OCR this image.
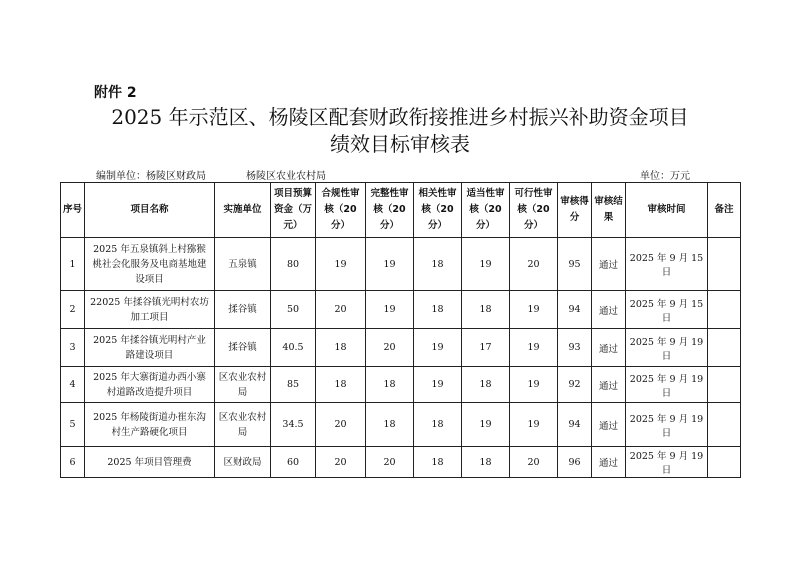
附件 2
2025 年示范区、杨陵区配套财政衔接推进乡村振兴补助资金项目
绩效目标审核表
编制单位：杨陵区财政局	杨陵区农业农村局	单位：万元
序号	项目名称	实施单位	项目预算资金（万元）	合规性审核（20 分）	完整性审核（20 分）	相关性审核（20 分）	适当性审核（20 分）	可行性审核（20 分）	审核得分	审核结果	审核时间	备注
1	2025 年五泉镇斜上村猕猴桃社会化服务及电商基地建设项目	五泉镇	80	19	19	18	19	20	95	通过	2025 年 9 月 15 日	
2	22025 年揉谷镇光明村农坊加工项目	揉谷镇	50	20	19	18	18	19	94	通过	2025 年 9 月 15 日	
3	2025 年揉谷镇光明村产业路建设项目	揉谷镇	40.5	18	20	19	17	19	93	通过	2025 年 9 月 19 日	
4	2025 年大寨街道办西小寨村道路改造提升项目	区农业农村局	85	18	18	19	18	19	92	通过	2025 年 9 月 19 日	
5	2025 年杨陵街道办崔东沟村生产路硬化项目	区农业农村局	34.5	20	18	18	19	19	94	通过	2025 年 9 月 19 日	
6	2025 年项目管理费	区财政局	60	20	20	18	18	20	96	通过	2025 年 9 月 19 日	
